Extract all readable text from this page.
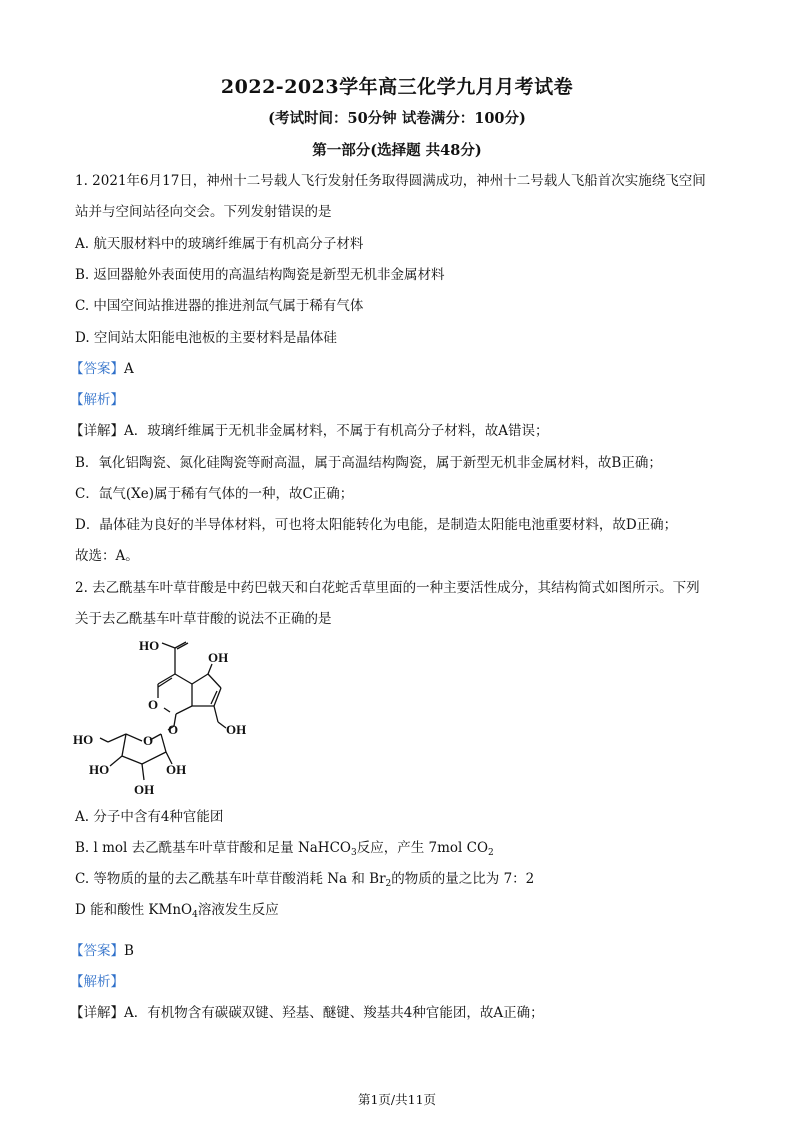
2022-2023学年高三化学九月月考试卷
(考试时间：50分钟 试卷满分：100分)
第一部分(选择题 共48分)
1. 2021年6月17日，神州十二号载人飞行发射任务取得圆满成功，神州十二号载人飞船首次实施绕飞空间
站并与空间站径向交会。下列发射错误的是
A. 航天服材料中的玻璃纤维属于有机高分子材料
B. 返回器舱外表面使用的高温结构陶瓷是新型无机非金属材料
C. 中国空间站推进器的推进剂氙气属于稀有气体
D. 空间站太阳能电池板的主要材料是晶体硅
【答案】A
【解析】
【详解】A．玻璃纤维属于无机非金属材料，不属于有机高分子材料，故A错误；
B．氧化铝陶瓷、氮化硅陶瓷等耐高温，属于高温结构陶瓷，属于新型无机非金属材料，故B正确；
C．氙气(Xe)属于稀有气体的一种，故C正确；
D．晶体硅为良好的半导体材料，可也将太阳能转化为电能，是制造太阳能电池重要材料，故D正确；
故选：A。
2. 去乙酰基车叶草苷酸是中药巴戟天和白花蛇舌草里面的一种主要活性成分，其结构简式如图所示。下列
关于去乙酰基车叶草苷酸的说法不正确的是
HO
OH
O
O	OH
HO	O
HO	OH
OH
A. 分子中含有4种官能团
B. l mol 去乙酰基车叶草苷酸和足量 NaHCO$_3$反应，产生 7mol $CO_2$
C. 等物质的量的去乙酰基车叶草苷酸消耗 Na 和 $Br_2$的物质的量之比为 7：2
D 能和酸性 KMnO$_4$溶液发生反应
【答案】B
【解析】
【详解】A．有机物含有碳碳双键、羟基、醚键、羧基共4种官能团，故A正确；
第1页/共11页
